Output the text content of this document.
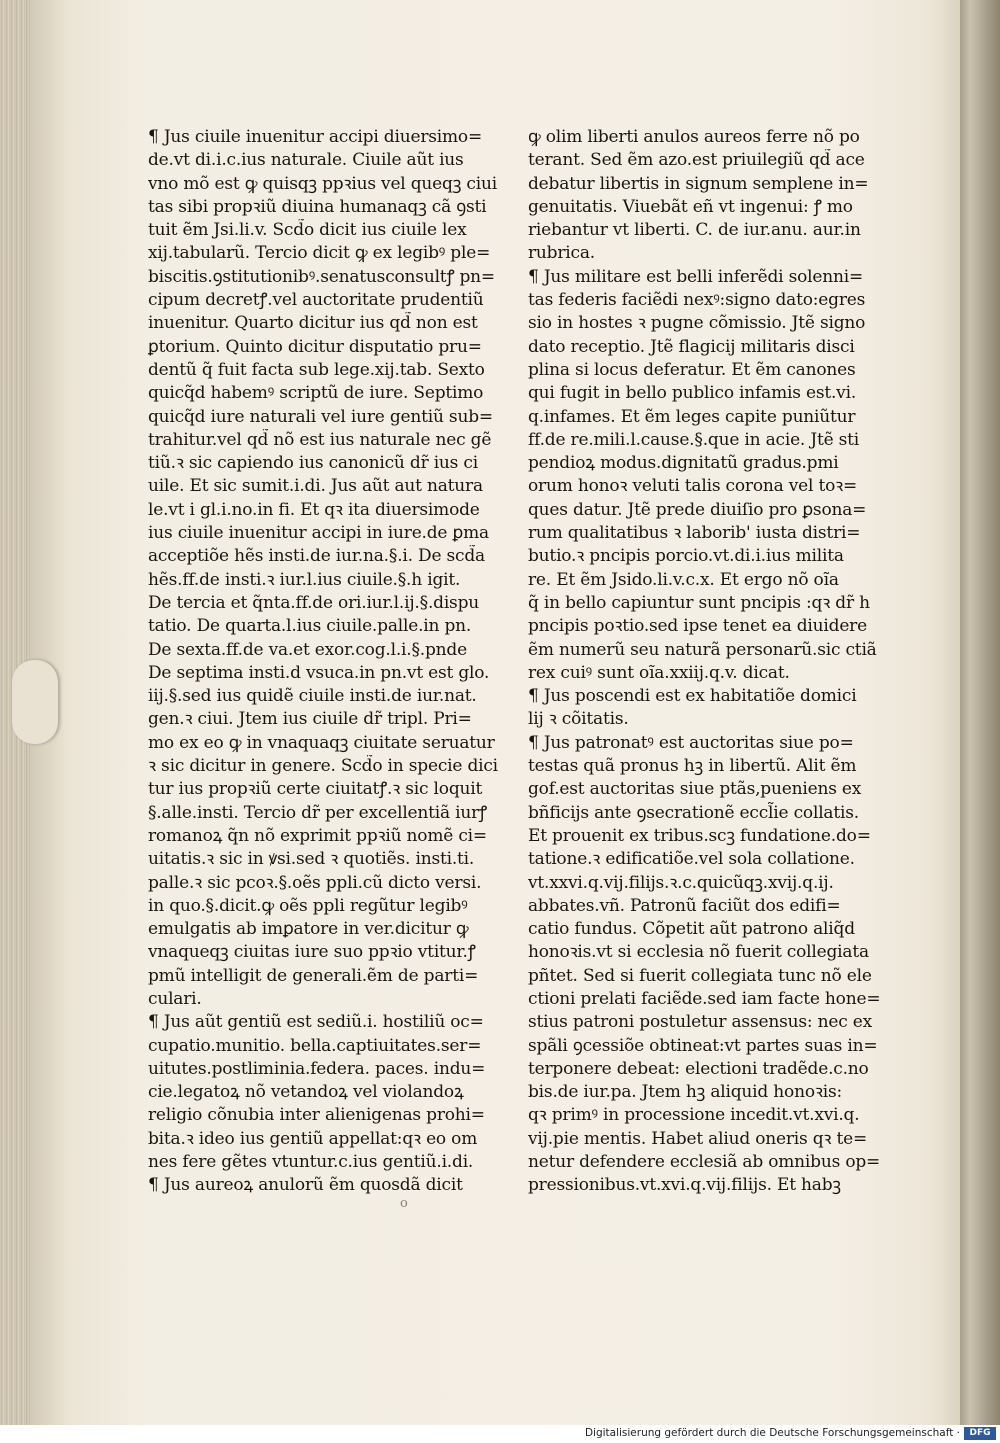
¶ Jus ciuile inuenitur accipi diuersimo=
de.vt di.i.c.ius naturale. Ciuile aũt ius
vno mõ est ꝙ quisqꝫ ppꝛius vel queqꝫ ciui
tas sibi propꝛiũ diuina humanaqꝫ cã ꝯsti
tuit ẽm Jsi.li.v. Scd̃o dicit ius ciuile lex
xij.tabularũ. Tercio dicit ꝙ ex legibꝰ ple=
biscitis.ꝯstitutionibꝰ.senatusconsultꝭ pn=
cipum decretꝭ.vel auctoritate prudentiũ
inuenitur. Quarto dicitur ius qd̃ non est
ꝑtorium. Quinto dicitur disputatio pru=
dentũ q̃ fuit facta sub lege.xij.tab. Sexto
quicq̃d habemꝰ scriptũ de iure. Septimo
quicq̃d iure naturali vel iure gentiũ sub=
trahitur.vel qd̃ nõ est ius naturale nec gẽ
tiũ.ꝛ sic capiendo ius canonicũ dr̃ ius ci
uile. Et sic sumit.i.di. Jus aũt aut natura
le.vt i gl.i.no.in fi. Et qꝛ ita diuersimode
ius ciuile inuenitur accipi in iure.de ꝑma
acceptiõe hẽs insti.de iur.na.§.i. De scd̃a
hẽs.ff.de insti.ꝛ iur.l.ius ciuile.§.h igit.
De tercia et q̃nta.ff.de ori.iur.l.ij.§.dispu
tatio. De quarta.l.ius ciuile.palle.in pn.
De sexta.ff.de va.et exor.cog.l.i.§.pnde
De septima insti.d vsuca.in pn.vt est glo.
iij.§.sed ius quidẽ ciuile insti.de iur.nat.
gen.ꝛ ciui. Jtem ius ciuile dr̃ tripl. Pri=
mo ex eo ꝙ in vnaquaqꝫ ciuitate seruatur
ꝛ sic dicitur in genere. Scd̃o in specie dici
tur ius propꝛiũ certe ciuitatꝭ.ꝛ sic loquit
§.alle.insti. Tercio dr̃ per excellentiã iurꝭ
romanoꝝ q̃n nõ exprimit ppꝛiũ nomẽ ci=
uitatis.ꝛ sic in ꝟsi.sed ꝛ quotiẽs. insti.ti.
palle.ꝛ sic pcoꝛ.§.oẽs ppli.cũ dicto versi.
in quo.§.dicit.ꝙ oẽs ppli regũtur legibꝰ
emulgatis ab imꝑatore in ver.dicitur ꝙ
vnaqueqꝫ ciuitas iure suo ppꝛio vtitur.ꝭ
pmũ intelligit de generali.ẽm de parti=
culari.
¶ Jus aũt gentiũ est sediũ.i. hostiliũ oc=
cupatio.munitio. bella.captiuitates.ser=
uitutes.postliminia.federa. paces. indu=
cie.legatoꝝ nõ vetandoꝝ vel violandoꝝ
religio cõnubia inter alienigenas prohi=
bita.ꝛ ideo ius gentiũ appellat:qꝛ eo om
nes fere gẽtes vtuntur.c.ius gentiũ.i.di.
¶ Jus aureoꝝ anulorũ ẽm quosdã dicit
ꝙ olim liberti anulos aureos ferre nõ po
terant. Sed ẽm azo.est priuilegiũ qd̃ ace
debatur libertis in signum semplene in=
genuitatis. Viuebãt eñ vt ingenui: ꝭ mo
riebantur vt liberti. C. de iur.anu. aur.in
rubrica.
¶ Jus militare est belli inferẽdi solenni=
tas federis faciẽdi nexꝰ:signo dato:egres
sio in hostes ꝛ pugne cõmissio. Jtẽ signo
dato receptio. Jtẽ flagicij militaris disci
plina si locus deferatur. Et ẽm canones
qui fugit in bello publico infamis est.vi.
q.infames. Et ẽm leges capite puniũtur
ff.de re.mili.l.cause.§.que in acie. Jtẽ sti
pendioꝝ modus.dignitatũ gradus.pmi
orum honoꝛ veluti talis corona vel toꝛ=
ques datur. Jtẽ prede diuiſio pro ꝑsona=
rum qualitatibus ꝛ laborib' iusta distri=
butio.ꝛ pncipis porcio.vt.di.i.ius milita
re. Et ẽm Jsido.li.v.c.x. Et ergo nõ oĩa
q̃ in bello capiuntur sunt pncipis :qꝛ dr̃ h
pncipis poꝛtio.sed ipse tenet ea diuidere
ẽm numerũ seu naturã personarũ.sic ctiã
rex cuiꝰ sunt oĩa.xxiij.q.v. dicat.
¶ Jus poscendi est ex habitatiõe domici
lij ꝛ cõitatis.
¶ Jus patronatꝰ est auctoritas siue po=
testas quã pronus hꝫ in libertũ. Alit ẽm
gof.est auctoritas siue ptãs,pueniens ex
bñficijs ante ꝯsecrationẽ eccl̃ie collatis.
Et prouenit ex tribus.scꝫ fundatione.do=
tatione.ꝛ edificatiõe.vel sola collatione.
vt.xxvi.q.vij.filijs.ꝛ.c.quicũqꝫ.xvij.q.ij.
abbates.vñ. Patronũ faciũt dos edifi=
catio fundus. Cõpetit aũt patrono aliq̃d
honoꝛis.vt si ecclesia nõ fuerit collegiata
pñtet. Sed si fuerit collegiata tunc nõ ele
ctioni prelati faciẽde.sed iam facte hone=
stius patroni postuletur assensus: nec ex
spãli ꝯcessiõe obtineat:vt partes suas in=
terponere debeat: electioni tradẽde.c.no
bis.de iur.pa. Jtem hꝫ aliquid honoꝛis:
qꝛ primꝰ in processione incedit.vt.xvi.q.
vij.pie mentis. Habet aliud oneris qꝛ te=
netur defendere ecclesiã ab omnibus op=
pressionibus.vt.xvi.q.vij.filijs. Et habꝫ
o
Digitalisierung gefördert durch die Deutsche Forschungsgemeinschaft ·	DFG
